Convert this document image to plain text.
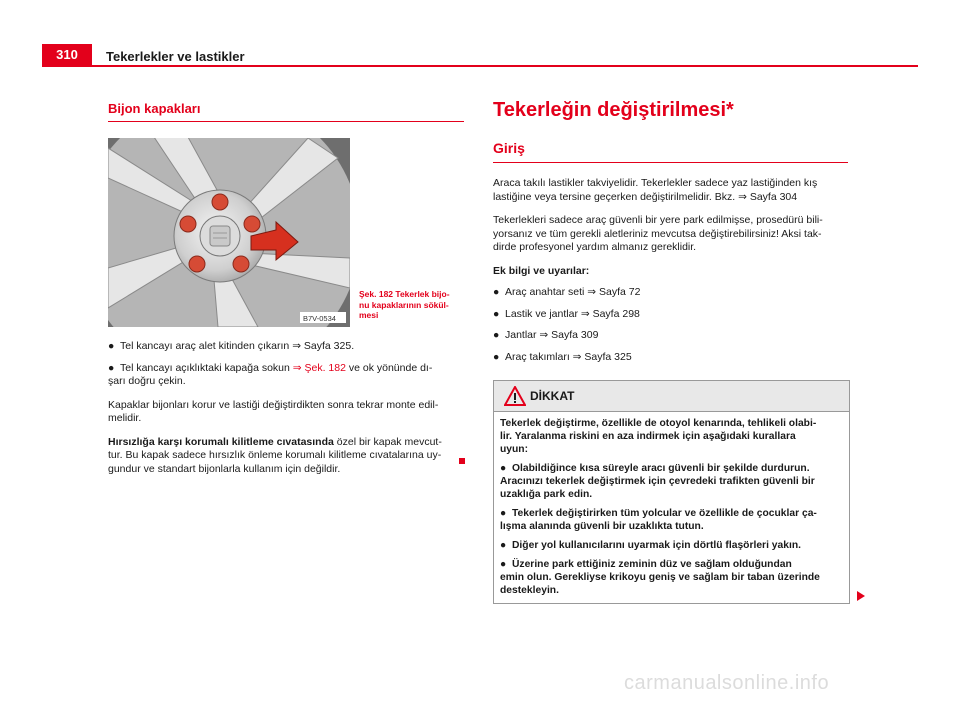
310	Tekerlekler ve lastikler
Bijon kapakları
B7V-0534
Şek. 182 Tekerlek bijo-
nu kapaklarının sökül-
mesi

● Tel kancayı araç alet kitinden çıkarın ⇒ Sayfa 325.

● Tel kancayı açıklıktaki kapağa sokun ⇒ Şek. 182 ve ok yönünde dı-
şarı doğru çekin.

Kapaklar bijonları korur ve lastiği değiştirdikten sonra tekrar monte edil-
melidir.

Hırsızlığa karşı korumalı kilitleme cıvatasında özel bir kapak mevcut-
tur. Bu kapak sadece hırsızlık önleme korumalı kilitleme cıvatalarına uy-
gundur ve standart bijonlarla kullanım için değildir.

Tekerleğin değiştirilmesi*
Giriş

Araca takılı lastikler takviyelidir. Tekerlekler sadece yaz lastiğinden kış
lastiğine veya tersine geçerken değiştirilmelidir. Bkz. ⇒ Sayfa 304

Tekerlekleri sadece araç güvenli bir yere park edilmişse, prosedürü bili-
yorsanız ve tüm gerekli aletleriniz mevcutsa değiştirebilirsiniz! Aksi tak-
dirde profesyonel yardım almanız gereklidir.

Ek bilgi ve uyarılar:

● Araç anahtar seti ⇒ Sayfa 72

● Lastik ve jantlar ⇒ Sayfa 298

● Jantlar ⇒ Sayfa 309

● Araç takımları ⇒ Sayfa 325

DİKKAT

Tekerlek değiştirme, özellikle de otoyol kenarında, tehlikeli olabi-
lir. Yaralanma riskini en aza indirmek için aşağıdaki kurallara
uyun:

● Olabildiğince kısa süreyle aracı güvenli bir şekilde durdurun.
Aracınızı tekerlek değiştirmek için çevredeki trafikten güvenli bir
uzaklığa park edin.

● Tekerlek değiştirirken tüm yolcular ve özellikle de çocuklar ça-
lışma alanında güvenli bir uzaklıkta tutun.

● Diğer yol kullanıcılarını uyarmak için dörtlü flaşörleri yakın.

● Üzerine park ettiğiniz zeminin düz ve sağlam olduğundan
emin olun. Gerekliyse krikoyu geniş ve sağlam bir taban üzerinde
destekleyin.

carmanualsonline.info
